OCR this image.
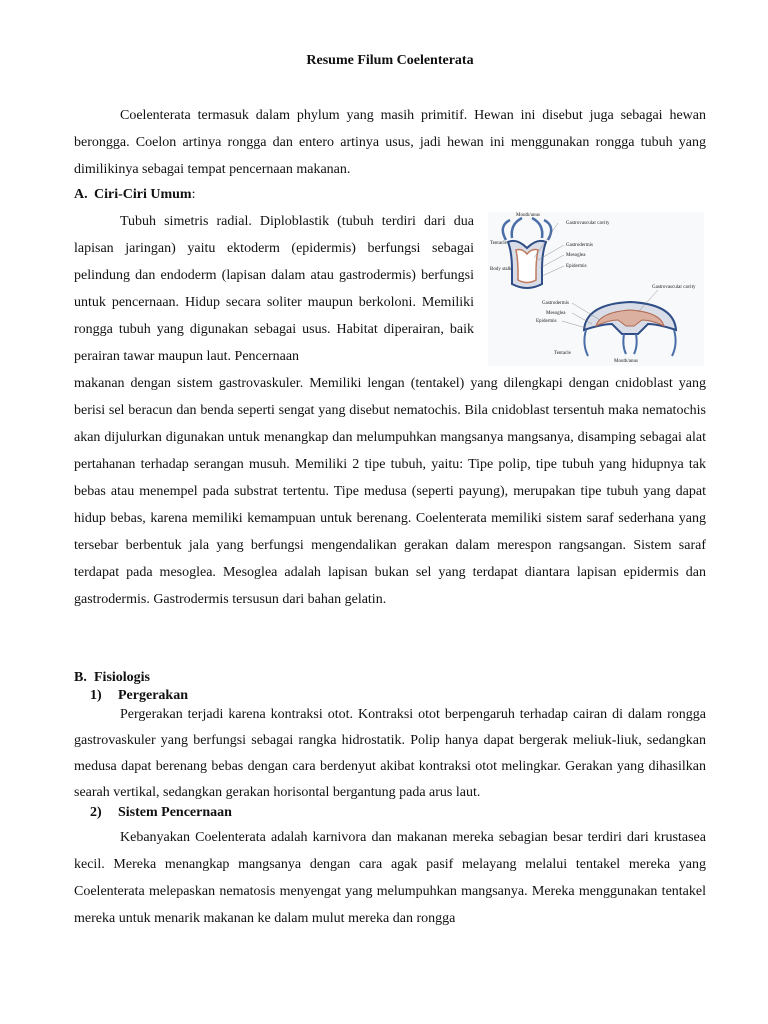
Resume Filum Coelenterata

Coelenterata termasuk dalam phylum yang masih primitif. Hewan ini disebut juga sebagai hewan berongga. Coelon artinya rongga dan entero artinya usus, jadi hewan ini menggunakan rongga tubuh yang dimilikinya sebagai tempat pencernaan makanan.

A. Ciri-Ciri Umum:

Tubuh simetris radial. Diploblastik (tubuh terdiri dari dua lapisan jaringan) yaitu ektoderm (epidermis) berfungsi sebagai pelindung dan endoderm (lapisan dalam atau gastrodermis) berfungsi untuk pencernaan. Hidup secara soliter maupun berkoloni. Memiliki rongga tubuh yang digunakan sebagai usus. Habitat diperairan, baik perairan tawar maupun laut. Pencernaan

Tentacle
Mouth/anus
Gastrovascular cavity
Gastrodermis
Mesoglea
Epidermis
Body stalk
Gastrovascular cavity
Gastrodermis
Mesoglea
Epidermis
Tentacle
Mouth/anus

makanan dengan sistem gastrovaskuler. Memiliki lengan (tentakel) yang dilengkapi dengan cnidoblast yang berisi sel beracun dan benda seperti sengat yang disebut nematochis. Bila cnidoblast tersentuh maka nematochis akan dijulurkan digunakan untuk menangkap dan melumpuhkan mangsanya mangsanya, disamping sebagai alat pertahanan terhadap serangan musuh. Memiliki 2 tipe tubuh, yaitu: Tipe polip, tipe tubuh yang hidupnya tak bebas atau menempel pada substrat tertentu. Tipe medusa (seperti payung), merupakan tipe tubuh yang dapat hidup bebas, karena memiliki kemampuan untuk berenang. Coelenterata memiliki sistem saraf sederhana yang tersebar berbentuk jala yang berfungsi mengendalikan gerakan dalam merespon rangsangan. Sistem saraf terdapat pada mesoglea. Mesoglea adalah lapisan bukan sel yang terdapat diantara lapisan epidermis dan gastrodermis. Gastrodermis tersusun dari bahan gelatin.

B. Fisiologis
1) Pergerakan

Pergerakan terjadi karena kontraksi otot. Kontraksi otot berpengaruh terhadap cairan di dalam rongga gastrovaskuler yang berfungsi sebagai rangka hidrostatik. Polip hanya dapat bergerak meliuk-liuk, sedangkan medusa dapat berenang bebas dengan cara berdenyut akibat kontraksi otot melingkar. Gerakan yang dihasilkan searah vertikal, sedangkan gerakan horisontal bergantung pada arus laut.

2) Sistem Pencernaan

Kebanyakan Coelenterata adalah karnivora dan makanan mereka sebagian besar terdiri dari krustasea kecil. Mereka menangkap mangsanya dengan cara agak pasif melayang melalui tentakel mereka yang Coelenterata melepaskan nematosis menyengat yang melumpuhkan mangsanya. Mereka menggunakan tentakel mereka untuk menarik makanan ke dalam mulut mereka dan rongga
